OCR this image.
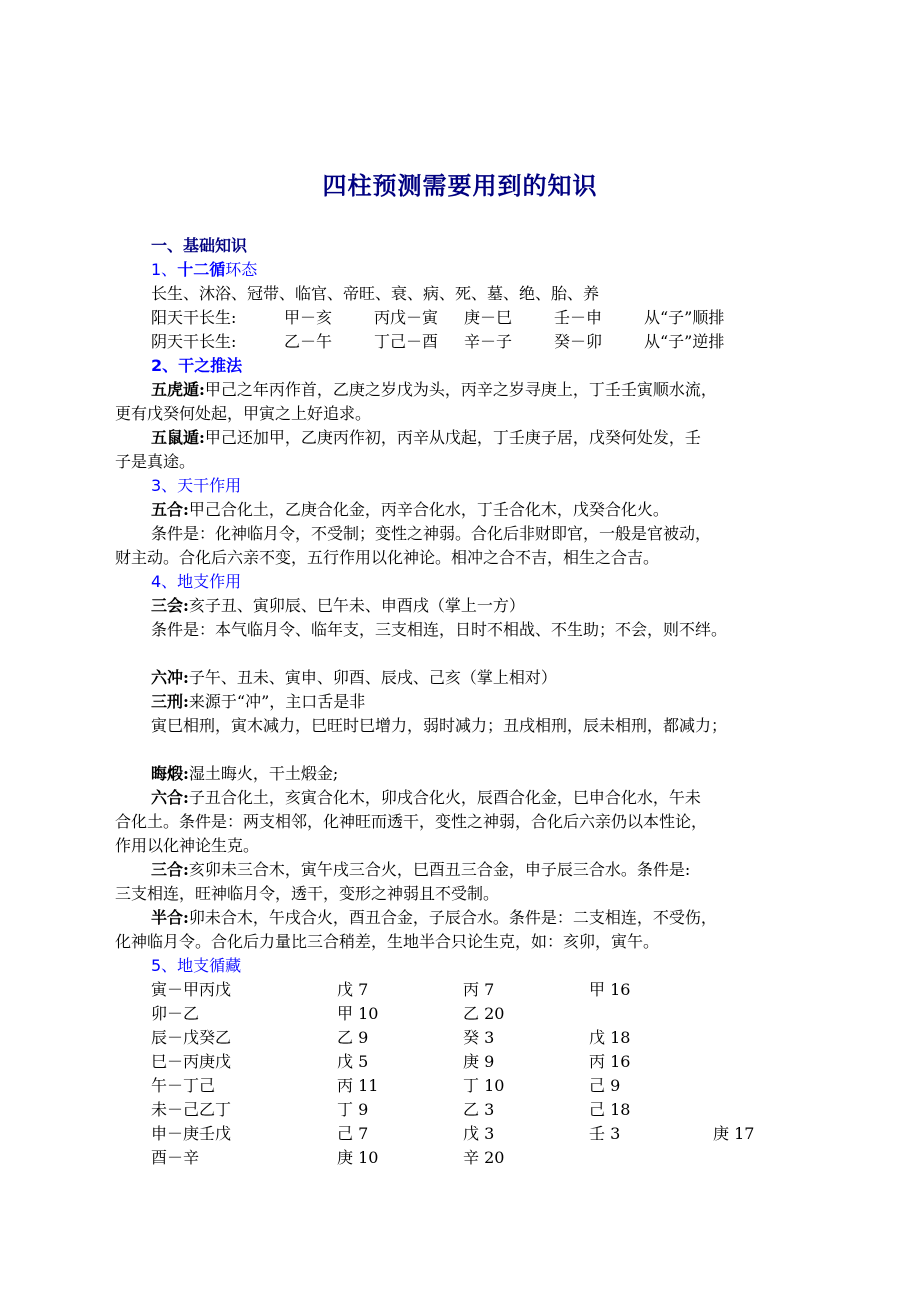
四柱预测需要用到的知识
一、基础知识
1、十二循环态
长生、沐浴、冠带、临官、帝旺、衰、病、死、墓、绝、胎、养
阳天干长生:	甲－亥	丙戊－寅 庚－巳	壬－申	从“子”顺排
阴天干长生:	乙－午	丁己－酉 辛－子	癸－卯	从“子”逆排
2、干之推法
五虎遁:甲己之年丙作首，乙庚之岁戊为头，丙辛之岁寻庚上，丁壬壬寅顺水流，
更有戊癸何处起，甲寅之上好追求。
五鼠遁:甲己还加甲，乙庚丙作初，丙辛从戊起，丁壬庚子居，戊癸何处发，壬
子是真途。
3、天干作用
五合:甲己合化土，乙庚合化金，丙辛合化水，丁壬合化木，戊癸合化火。
条件是：化神临月令，不受制；变性之神弱。合化后非财即官，一般是官被动，
财主动。合化后六亲不变，五行作用以化神论。相冲之合不吉，相生之合吉。
4、地支作用
三会:亥子丑、寅卯辰、巳午未、申酉戌（掌上一方）
条件是：本气临月令、临年支，三支相连，日时不相战、不生助；不会，则不绊。
六冲:子午、丑未、寅申、卯酉、辰戌、己亥（掌上相对）
三刑:来源于“冲”，主口舌是非
寅巳相刑，寅木减力，巳旺时巳增力，弱时减力；丑戌相刑，辰未相刑，都减力；
晦煅:湿土晦火，干土煅金;
六合:子丑合化土，亥寅合化木，卯戌合化火，辰酉合化金，巳申合化水，午未
合化土。条件是：两支相邻，化神旺而透干，变性之神弱，合化后六亲仍以本性论，
作用以化神论生克。
三合:亥卯未三合木，寅午戌三合火，巳酉丑三合金，申子辰三合水。条件是:
三支相连，旺神临月令，透干，变形之神弱且不受制。
半合:卯未合木，午戌合火，酉丑合金，子辰合水。条件是：二支相连，不受伤，
化神临月令。合化后力量比三合稍差，生地半合只论生克，如：亥卯，寅午。
5、地支循藏
寅－甲丙戊	戊 7	丙 7	甲 16
卯－乙	甲 10	乙 20
辰－戊癸乙	乙 9	癸 3	戊 18
巳－丙庚戊	戊 5	庚 9	丙 16
午－丁己	丙 11	丁 10	己 9
未－己乙丁	丁 9	乙 3	己 18
申－庚壬戊	己 7	戊 3	壬 3	庚 17
酉－辛	庚 10	辛 20
